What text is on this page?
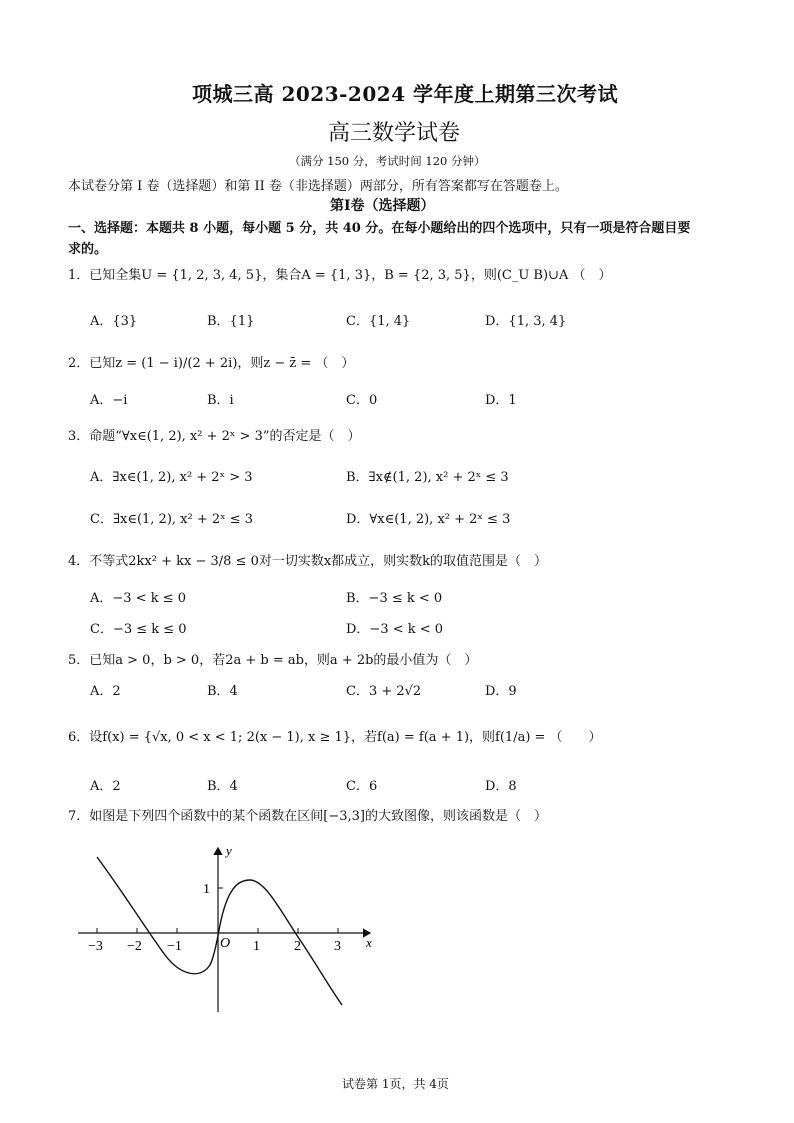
项城三高 2023-2024 学年度上期第三次考试
高三数学试卷
（满分 150 分，考试时间 120 分钟）
本试卷分第 I 卷（选择题）和第 II 卷（非选择题）两部分，所有答案都写在答题卷上。
第Ⅰ卷（选择题）
一、选择题：本题共 8 小题，每小题 5 分，共 40 分。在每小题给出的四个选项中，只有一项是符合题目要
求的。
1．已知全集U = {1, 2, 3, 4, 5}，集合A = {1, 3}，B = {2, 3, 5}，则(C_U B)∪A （　）
A．{3}	B．{1}	C．{1, 4}	D．{1, 3, 4}
2．已知z = (1 − i)/(2 + 2i)，则z − z̄ = （　）
A．−i	B．i	C．0	D．1
3．命题“∀x∈(1, 2), x² + 2ˣ > 3”的否定是（　）
A．∃x∈(1, 2), x² + 2ˣ > 3	B．∃x∉(1, 2), x² + 2ˣ ≤ 3
C．∃x∈(1, 2), x² + 2ˣ ≤ 3	D．∀x∈(1, 2), x² + 2ˣ ≤ 3
4．不等式2kx² + kx − 3/8 ≤ 0对一切实数x都成立，则实数k的取值范围是（　）
A．−3 < k ≤ 0	B．−3 ≤ k < 0
C．−3 ≤ k ≤ 0	D．−3 < k < 0
5．已知a > 0，b > 0，若2a + b = ab，则a + 2b的最小值为（　）
A．2	B．4	C．3 + 2√2	D．9
6．设f(x) = {√x, 0 < x < 1; 2(x − 1), x ≥ 1}，若f(a) = f(a + 1)，则f(1/a) = （　　）
A．2	B．4	C．6	D．8
7．如图是下列四个函数中的某个函数在区间[−3,3]的大致图像，则该函数是（　）
x
y
O
−3 −2 −1	1 2 3
1
试卷第 1页，共 4页
